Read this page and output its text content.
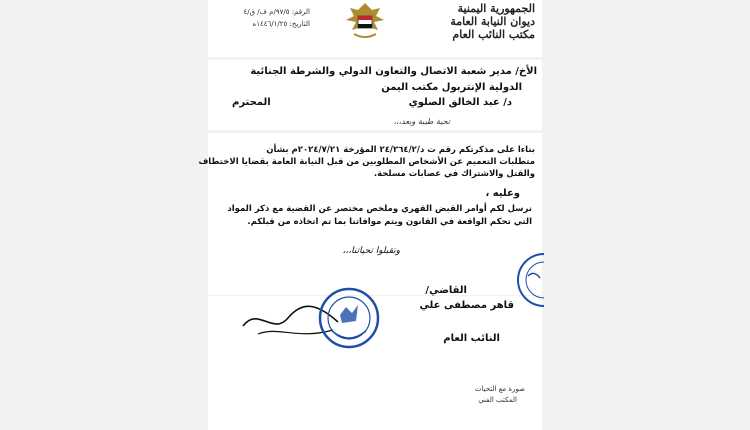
الجمهورية اليمنية
ديوان النيابة العامة
مكتب النائب العام
الرقم: ٩٧/٥/م ف/ ق/٤
التاريخ: ١٤٤٦/١/٢٥ه
الأخ/ مدير شعبة الاتصال والتعاون الدولي والشرطة الجنائية
الدولية الإنتربول مكتب اليمن
د/ عبد الخالق الصلوي
المحترم
تحية طيبة وبعد،،،
بناءا على مذكرتكم رقم ت د/٢٤/٢٦٤/٢ المؤرخة ٢٠٢٤/٧/٢١م بشأن
متطلبات التعميم عن الأشخاص المطلوبين من قبل النيابة العامة بقضايا الاختطاف
والقتل والاشتراك في عصابات مسلحة.
وعليه ،
نرسل لكم أوامر القبض القهري وملخص مختصر عن القضية مع ذكر المواد
التي تحكم الواقعة في القانون ويتم موافاتنا بما تم اتخاذه من قبلكم.
وتقبلوا تحياتنا،،،
القاضي/
قاهر مصطفى علي
النائب العام
صورة مع التحيات
المكتب الفني
